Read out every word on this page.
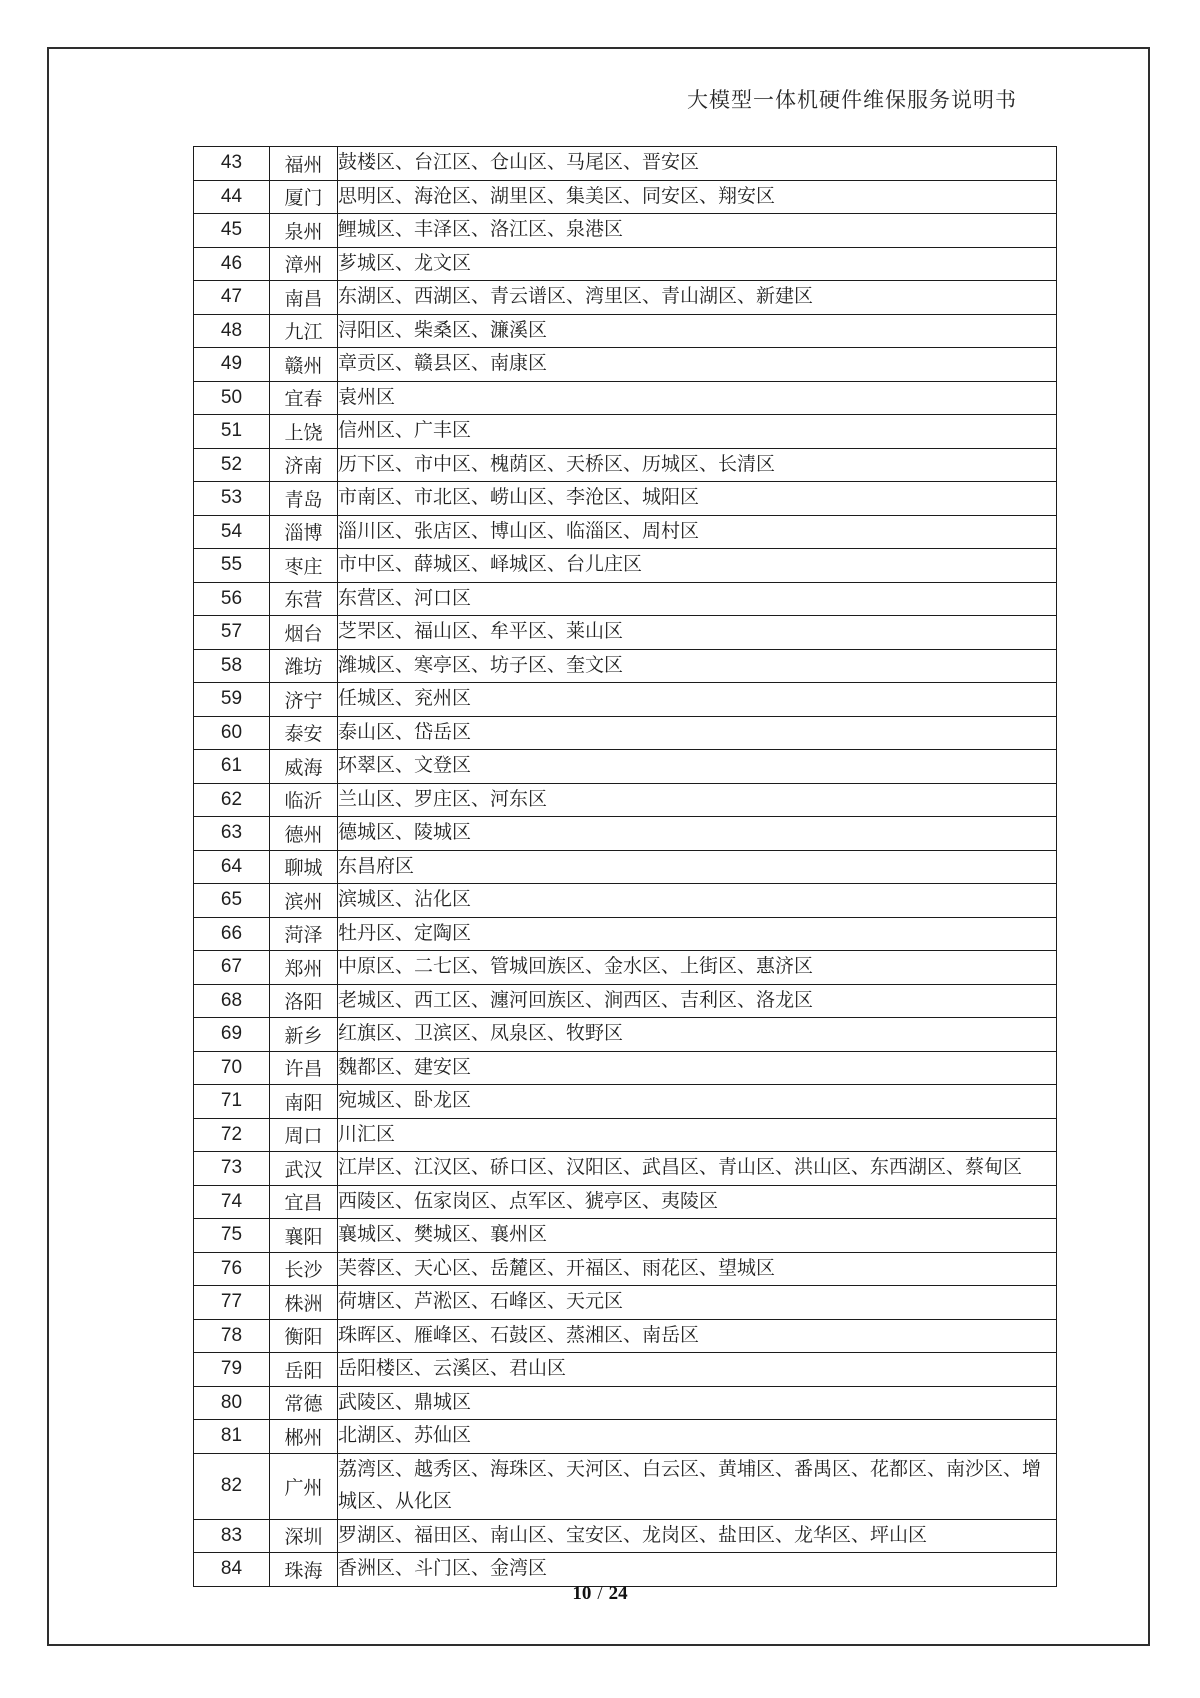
大模型一体机硬件维保服务说明书
43	福州	鼓楼区、台江区、仓山区、马尾区、晋安区
44	厦门	思明区、海沧区、湖里区、集美区、同安区、翔安区
45	泉州	鲤城区、丰泽区、洛江区、泉港区
46	漳州	芗城区、龙文区
47	南昌	东湖区、西湖区、青云谱区、湾里区、青山湖区、新建区
48	九江	浔阳区、柴桑区、濂溪区
49	赣州	章贡区、赣县区、南康区
50	宜春	袁州区
51	上饶	信州区、广丰区
52	济南	历下区、市中区、槐荫区、天桥区、历城区、长清区
53	青岛	市南区、市北区、崂山区、李沧区、城阳区
54	淄博	淄川区、张店区、博山区、临淄区、周村区
55	枣庄	市中区、薛城区、峄城区、台儿庄区
56	东营	东营区、河口区
57	烟台	芝罘区、福山区、牟平区、莱山区
58	潍坊	潍城区、寒亭区、坊子区、奎文区
59	济宁	任城区、兖州区
60	泰安	泰山区、岱岳区
61	威海	环翠区、文登区
62	临沂	兰山区、罗庄区、河东区
63	德州	德城区、陵城区
64	聊城	东昌府区
65	滨州	滨城区、沾化区
66	菏泽	牡丹区、定陶区
67	郑州	中原区、二七区、管城回族区、金水区、上街区、惠济区
68	洛阳	老城区、西工区、瀍河回族区、涧西区、吉利区、洛龙区
69	新乡	红旗区、卫滨区、凤泉区、牧野区
70	许昌	魏都区、建安区
71	南阳	宛城区、卧龙区
72	周口	川汇区
73	武汉	江岸区、江汉区、硚口区、汉阳区、武昌区、青山区、洪山区、东西湖区、蔡甸区
74	宜昌	西陵区、伍家岗区、点军区、猇亭区、夷陵区
75	襄阳	襄城区、樊城区、襄州区
76	长沙	芙蓉区、天心区、岳麓区、开福区、雨花区、望城区
77	株洲	荷塘区、芦淞区、石峰区、天元区
78	衡阳	珠晖区、雁峰区、石鼓区、蒸湘区、南岳区
79	岳阳	岳阳楼区、云溪区、君山区
80	常德	武陵区、鼎城区
81	郴州	北湖区、苏仙区
82	广州	荔湾区、越秀区、海珠区、天河区、白云区、黄埔区、番禺区、花都区、南沙区、增城区、从化区
83	深圳	罗湖区、福田区、南山区、宝安区、龙岗区、盐田区、龙华区、坪山区
84	珠海	香洲区、斗门区、金湾区
10 / 24
